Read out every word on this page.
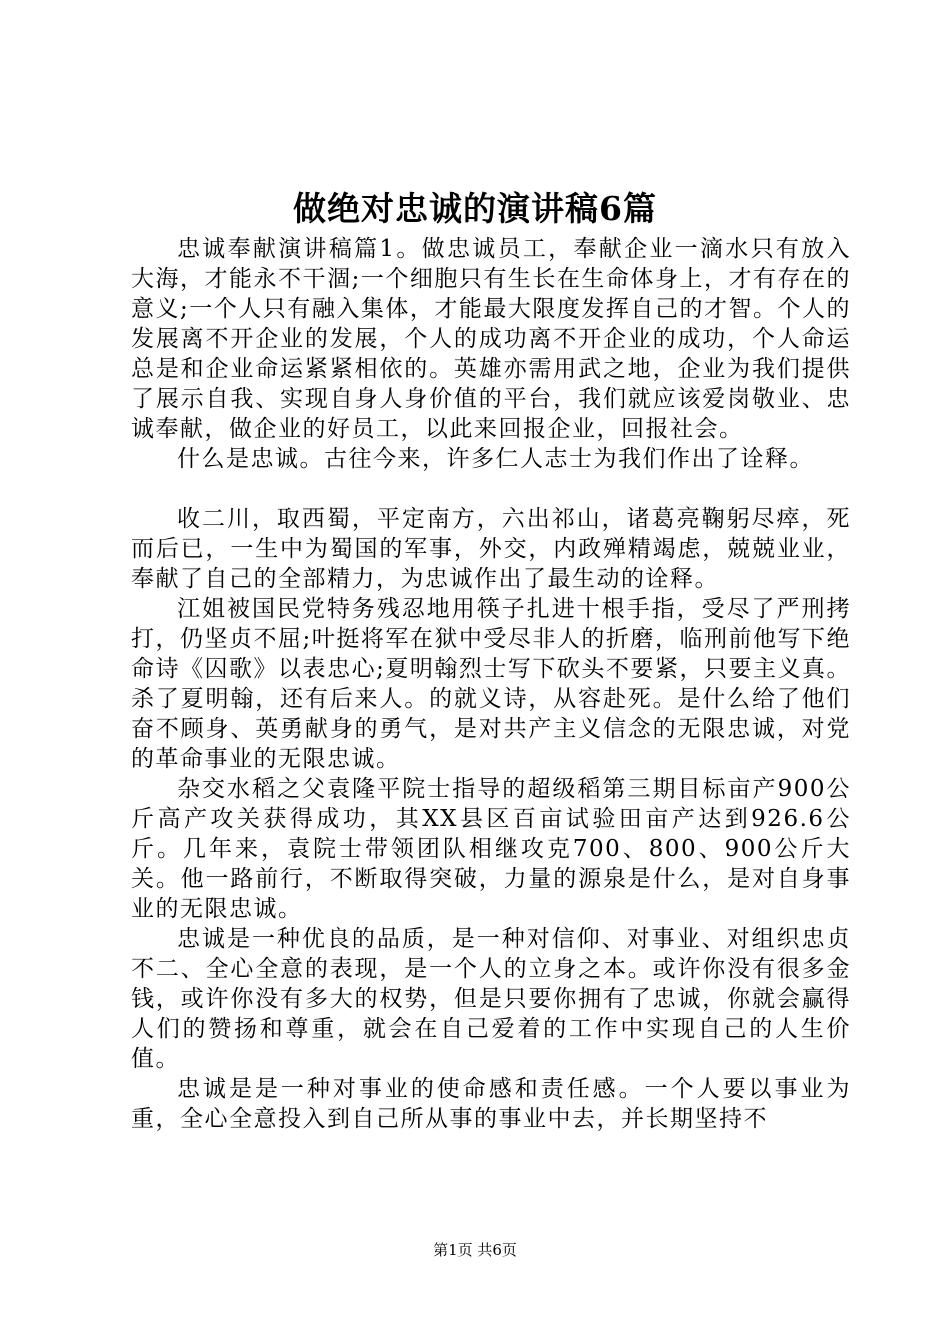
做绝对忠诚的演讲稿6篇

忠诚奉献演讲稿篇1。做忠诚员工，奉献企业一滴水只有放入大海，才能永不干涸;一个细胞只有生长在生命体身上，才有存在的意义;一个人只有融入集体，才能最大限度发挥自己的才智。个人的发展离不开企业的发展，个人的成功离不开企业的成功，个人命运总是和企业命运紧紧相依的。英雄亦需用武之地，企业为我们提供了展示自我、实现自身人身价值的平台，我们就应该爱岗敬业、忠诚奉献，做企业的好员工，以此来回报企业，回报社会。

什么是忠诚。古往今来，许多仁人志士为我们作出了诠释。

收二川，取西蜀，平定南方，六出祁山，诸葛亮鞠躬尽瘁，死而后已，一生中为蜀国的军事，外交，内政殚精竭虑，兢兢业业，奉献了自己的全部精力，为忠诚作出了最生动的诠释。

江姐被国民党特务残忍地用筷子扎进十根手指，受尽了严刑拷打，仍坚贞不屈;叶挺将军在狱中受尽非人的折磨，临刑前他写下绝命诗《囚歌》以表忠心;夏明翰烈士写下砍头不要紧，只要主义真。杀了夏明翰，还有后来人。的就义诗，从容赴死。是什么给了他们奋不顾身、英勇献身的勇气，是对共产主义信念的无限忠诚，对党的革命事业的无限忠诚。

杂交水稻之父袁隆平院士指导的超级稻第三期目标亩产900公斤高产攻关获得成功，其XX县区百亩试验田亩产达到926.6公斤。几年来，袁院士带领团队相继攻克700、800、900公斤大关。他一路前行，不断取得突破，力量的源泉是什么，是对自身事业的无限忠诚。

忠诚是一种优良的品质，是一种对信仰、对事业、对组织忠贞不二、全心全意的表现，是一个人的立身之本。或许你没有很多金钱，或许你没有多大的权势，但是只要你拥有了忠诚，你就会赢得人们的赞扬和尊重，就会在自己爱着的工作中实现自己的人生价值。

忠诚是是一种对事业的使命感和责任感。一个人要以事业为重，全心全意投入到自己所从事的事业中去，并长期坚持不

第1页 共6页
